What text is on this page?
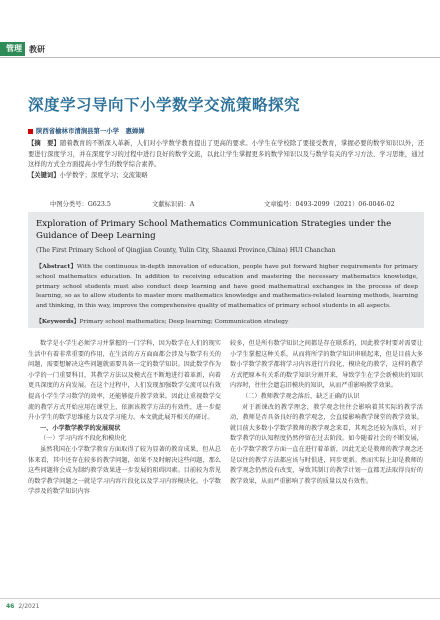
管理 教研
深度学习导向下小学数学交流策略探究
陕西省榆林市清涧县第一小学　惠婵婵
【摘　要】随着教育的不断深入革新，人们对小学数学教育提出了更高的要求。小学生在学校除了要接受教育，掌握必要的数学知识以外，还要进行深度学习，并在深度学习的过程中进行良好的数学交流，以此让学生掌握更多的数学知识以及与数学有关的学习方法、学习思维，通过这样的方式全方面提高小学生的数学综合素养。
【关键词】小学数学；深度学习；交流策略
中图分类号：G623.5	文献标识码：A	文章编号：0493-2099（2021）06-0046-02
Exploration of Primary School Mathematics Communication Strategies under the Guidance of Deep Learning
(The First Primary School of Qingjian County, Yulin City, Shaanxi Province,China) HUI Chanchan
【Abstract】With the continuous in-depth innovation of education, people have put forward higher requirements for primary school mathematics education. In addition to receiving education and mastering the necessary mathematics knowledge, primary school students must also conduct deep learning and have good mathematical exchanges in the process of deep learning, so as to allow students to master more mathematics knowledge and mathematics-related learning methods, learning and thinking, in this way, improve the comprehensive quality of mathematics of primary school students in all aspects.
【Keywords】Primary school mathematics; Deep learning; Communication strategy

数学是小学生必须学习并掌握的一门学科，因为数学在人们的现实生活中有着非常重要的作用，在生活的方方面面都会涉及与数学有关的问题，需要想解决这些问题就需要具备一定的数学知识。因此数学作为小学的一门重要科目，其教学方法以及模式在不断地进行着革新，向着更具深度的方向发展。在这个过程中，人们发现加强数学交流可以有效提高小学生学习数学的效率，还能够提升教学效果。因此让重视数学交流的教学方式开始应用在课堂上，依据该教学方法的有效性，进一步提升小学生的数学思维能力以及学习能力。本文就此展开相关的研讨。

一、小学数学教学的发展现状

（一）学习内容不段化和模块化

虽然我国在小学数学教育方面取得了较为显著的教育成果，但从总体来看，其中还存在较多的教学问题，如果不及时解决这些问题，那么这些问题将会成为制约教学效果进一步发展的阻碍因素。目前较为常见的数学教学问题之一就是学习内容片段化以及学习内容模块化。小学数学涉及的数学知识内容

较多，但是所有数学知识之间都是存在联系的，因此教学时要对需要让小学生掌握这种关系，从而将所学的数学知识串联起来，但是目前大多数小学数学教学都将学习内容进行片段化、模块化的教学，这样的教学方式把原本有关系的数学知识分割开来，导致学生在学会新模块的知识内容时，往往会遗忘旧模块的知识，从而严重影响教学效果。

（二）教师教学观念落后，缺乏正确的认识

对于新课改的教学理念，教学观念往往会影响着其实际的教学活动，教师是否具备良好的教学观念，会直接影响教学课堂的教学效果。就目前大多数小学数学教师的教学观念来看，其观念还较为落后，对于数学教学的认知程度仍然停留在过去阶段。如今随着社会的不断发展，在小学数学教学方面一直在进行着革新，因此无论是教师的教学观念还是以往的教学方法都应该与时俱进，同步更新。然而实际上却是教师的教学观念仍然没有改变，导致其制订的教学计划一直都无法取得良好的教学效果，从而严重影响了教学的质量以及有效性。

46 2/2021
